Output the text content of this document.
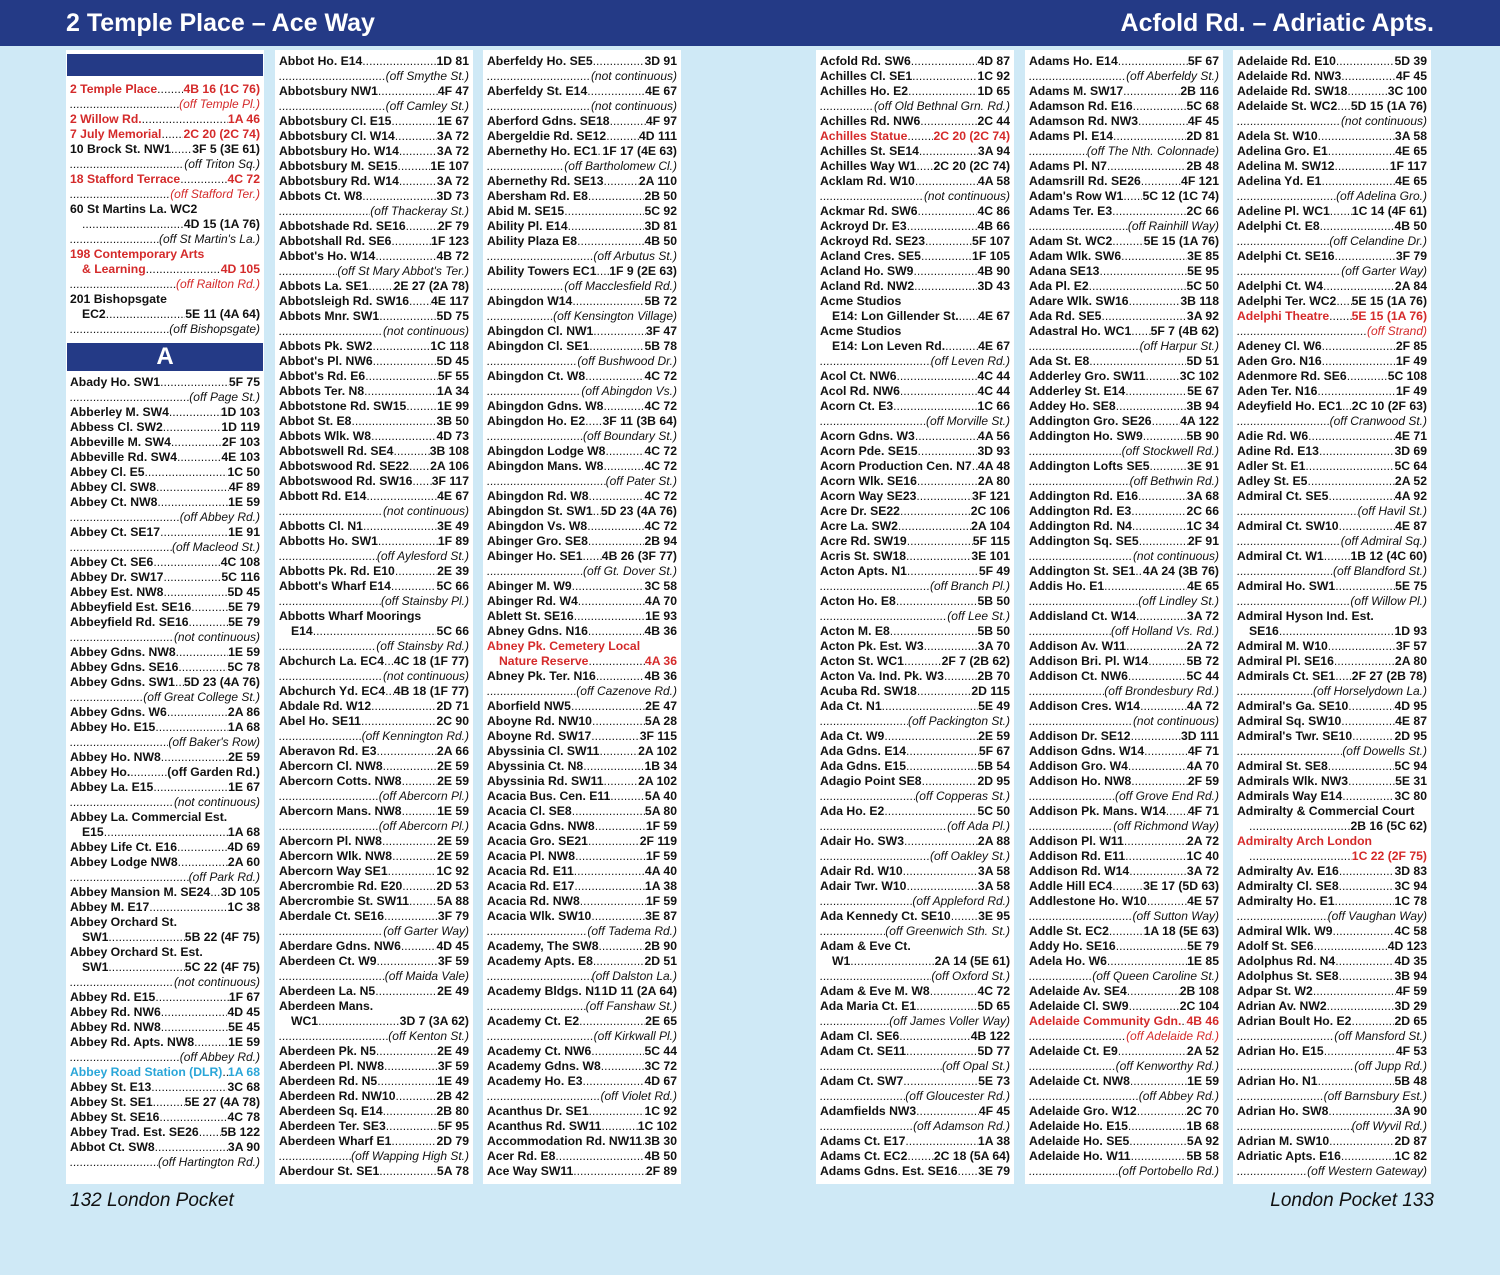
2 Temple Place – Ace Way
2 Temple Place ..... 4B 16 (1C 76)
.....
(off Temple Pl.)
2 Willow Rd. .....	1A 46
7 July Memorial ..... 2C 20 (2C 74)
10 Brock St. NW1 ..... 3F 5 (3E 61)
.....
(off Triton Sq.)
18 Stafford Terrace .....	4C 72
.....
(off Stafford Ter.)
60 St Martins La. WC2
.....
4D 15 (1A 76)
.....
(off St Martin's La.)
198 Contemporary Arts
& Learning .....	4D 105
.....
(off Railton Rd.)
201 Bishopsgate
EC2 .....	5E 11 (4A 64)
.....
(off Bishopsgate)
A
Abady Ho. SW1 .....	5F 75
.....
(off Page St.)
Abberley M. SW4 .....	1D 103
Abbess Cl. SW2 .....	1D 119
Abbeville M. SW4 .....	2F 103
Abbeville Rd. SW4 .....	4E 103
Abbey Cl. E5 .....	1C 50
Abbey Cl. SW8 .....	4F 89
Abbey Ct. NW8 .....	1E 59
.....
(off Abbey Rd.)
Abbey Ct. SE17 .....	1E 91
.....
(off Macleod St.)
Abbey Ct. SE6 .....	4C 108
Abbey Dr. SW17 .....	5C 116
Abbey Est. NW8 .....	5D 45
Abbeyfield Est. SE16 .....	5E 79
Abbeyfield Rd. SE16 .....	5E 79
.....
(not continuous)
Abbey Gdns. NW8 .....	1E 59
Abbey Gdns. SE16 .....	5C 78
Abbey Gdns. SW1 ..... 5D 23 (4A 76)
.....
(off Great College St.)
Abbey Gdns. W6 .....	2A 86
Abbey Ho. E15 .....	1A 68
.....
(off Baker's Row)
Abbey Ho. NW8 .....	2E 59
Abbey Ho. .....	(off Garden Rd.)
Abbey La. E15 .....	1E 67
.....
(not continuous)
Abbey La. Commercial Est.
E15 .....	1A 68
Abbey Life Ct. E16 .....	4D 69
Abbey Lodge NW8 .....	2A 60
.....
(off Park Rd.)
Abbey Mansion M. SE24 ..... 3D 105
Abbey M. E17 .....	1C 38
Abbey Orchard St.
SW1 .....	5B 22 (4F 75)
Abbey Orchard St. Est.
SW1 .....	5C 22 (4F 75)
.....
(not continuous)
Abbey Rd. E15 .....	1F 67
Abbey Rd. NW6 .....	4D 45
Abbey Rd. NW8 .....	5E 45
Abbey Rd. Apts. NW8 .....	1E 59
.....
(off Abbey Rd.)
Abbey Road Station (DLR) ..... 1A 68
Abbey St. E13 .....	3C 68
Abbey St. SE1 .....	5E 27 (4A 78)
Abbey St. SE16 .....	4C 78
Abbey Trad. Est. SE26 ..... 5B 122
Abbot Ct. SW8 .....	3A 90
.....
(off Hartington Rd.)
Abbot Ho. E14 .....	1D 81
.....
(off Smythe St.)
Abbotsbury NW1 .....	4F 47
.....
(off Camley St.)
Abbotsbury Cl. E15 .....	1E 67
Abbotsbury Cl. W14 .....	3A 72
Abbotsbury Ho. W14 .....	3A 72
Abbotsbury M. SE15 .....	1E 107
Abbotsbury Rd. W14 .....	3A 72
Abbots Ct. W8 .....	3D 73
.....
(off Thackeray St.)
Abbotshade Rd. SE16 .....	2F 79
Abbotshall Rd. SE6 .....	1F 123
Abbot's Ho. W14 .....	4B 72
.....
(off St Mary Abbot's Ter.)
Abbots La. SE1 ..... 2E 27 (2A 78)
Abbotsleigh Rd. SW16 ..... 4E 117
Abbots Mnr. SW1 .....	5D 75
.....
(not continuous)
Abbots Pk. SW2 .....	1C 118
Abbot's Pl. NW6 .....	5D 45
Abbot's Rd. E6 .....	5F 55
Abbots Ter. N8 .....	1A 34
Abbotstone Rd. SW15 .....	1E 99
Abbot St. E8 .....	3B 50
Abbots Wlk. W8 .....	4D 73
Abbotswell Rd. SE4 .....	3B 108
Abbotswood Rd. SE22 ..... 2A 106
Abbotswood Rd. SW16 ..... 3F 117
Abbott Rd. E14 .....	4E 67
.....
(not continuous)
Abbotts Cl. N1 .....	3E 49
Abbotts Ho. SW1 .....	1F 89
.....
(off Aylesford St.)
Abbotts Pk. Rd. E10 .....	2E 39
Abbott's Wharf E14 .....	5C 66
.....
(off Stainsby Pl.)
Abbotts Wharf Moorings
E14 .....	5C 66
.....
(off Stainsby Rd.)
Abchurch La. EC4 ..... 4C 18 (1F 77)
.....
(not continuous)
Abchurch Yd. EC4 ..... 4B 18 (1F 77)
Abdale Rd. W12 .....	2D 71
Abel Ho. SE11 .....	2C 90
.....
(off Kennington Rd.)
Aberavon Rd. E3 .....	2A 66
Abercorn Cl. NW8 .....	2E 59
Abercorn Cotts. NW8 .....	2E 59
.....
(off Abercorn Pl.)
Abercorn Mans. NW8 .....	1E 59
.....
(off Abercorn Pl.)
Abercorn Pl. NW8 .....	2E 59
Abercorn Wlk. NW8 .....	2E 59
Abercorn Way SE1 .....	1C 92
Abercrombie Rd. E20 .....	2D 53
Abercrombie St. SW11 ..... 5A 88
Aberdale Ct. SE16 .....	3F 79
.....
(off Garter Way)
Aberdare Gdns. NW6 .....	4D 45
Aberdeen Ct. W9 .....	3F 59
.....
(off Maida Vale)
Aberdeen La. N5 .....	2E 49
Aberdeen Mans.
WC1 .....	3D 7 (3A 62)
.....
(off Kenton St.)
Aberdeen Pk. N5 .....	2E 49
Aberdeen Pl. NW8 .....	3F 59
Aberdeen Rd. N5 .....	1E 49
Aberdeen Rd. NW10 .....	2B 42
Aberdeen Sq. E14 .....	2B 80
Aberdeen Ter. SE3 .....	5F 95
Aberdeen Wharf E1 .....	2D 79
.....
(off Wapping High St.)
Aberdour St. SE1 .....	5A 78
Aberfeldy Ho. SE5 .....	3D 91
.....
(not continuous)
Aberfeldy St. E14 .....	4E 67
.....
(not continuous)
Aberford Gdns. SE18 .....	4F 97
Abergeldie Rd. SE12 .....	4D 111
Abernethy Ho. EC1 ..... 1F 17 (4E 63)
.....
(off Bartholomew Cl.)
Abernethy Rd. SE13 .....	2A 110
Abersham Rd. E8 .....	2B 50
Abid M. SE15 .....	5C 92
Ability Pl. E14 .....	3D 81
Ability Plaza E8 .....	4B 50
.....
(off Arbutus St.)
Ability Towers EC1 ..... 1F 9 (2E 63)
.....
(off Macclesfield Rd.)
Abingdon W14 .....	5B 72
.....
(off Kensington Village)
Abingdon Cl. NW1 .....	3F 47
Abingdon Cl. SE1 .....	5B 78
.....
(off Bushwood Dr.)
Abingdon Ct. W8 .....	4C 72
.....
(off Abingdon Vs.)
Abingdon Gdns. W8 .....	4C 72
Abingdon Ho. E2 ..... 3F 11 (3B 64)
.....
(off Boundary St.)
Abingdon Lodge W8 .....	4C 72
Abingdon Mans. W8 .....	4C 72
.....
(off Pater St.)
Abingdon Rd. W8 .....	4C 72
Abingdon St. SW1 ..... 5D 23 (4A 76)
Abingdon Vs. W8 .....	4C 72
Abinger Gro. SE8 .....	2B 94
Abinger Ho. SE1 ..... 4B 26 (3F 77)
.....
(off Gt. Dover St.)
Abinger M. W9 .....	3C 58
Abinger Rd. W4 .....	4A 70
Ablett St. SE16 .....	1E 93
Abney Gdns. N16 .....	4B 36
Abney Pk. Cemetery Local
Nature Reserve .....	4A 36
Abney Pk. Ter. N16 .....	4B 36
.....
(off Cazenove Rd.)
Aborfield NW5 .....	2E 47
Aboyne Rd. NW10 .....	5A 28
Aboyne Rd. SW17 .....	3F 115
Abyssinia Cl. SW11 .....	2A 102
Abyssinia Ct. N8 .....	1B 34
Abyssinia Rd. SW11 .....	2A 102
Acacia Bus. Cen. E11 .....	5A 40
Acacia Cl. SE8 .....	5A 80
Acacia Gdns. NW8 .....	1F 59
Acacia Gro. SE21 .....	2F 119
Acacia Pl. NW8 .....	1F 59
Acacia Rd. E11 .....	4A 40
Acacia Rd. E17 .....	1A 38
Acacia Rd. NW8 .....	1F 59
Acacia Wlk. SW10 .....	3E 87
.....
(off Tadema Rd.)
Academy, The SW8 .....	2B 90
Academy Apts. E8 .....	2D 51
.....
(off Dalston La.)
Academy Bldgs. N1 ..... 1D 11 (2A 64)
.....
(off Fanshaw St.)
Academy Ct. E2 .....	2E 65
.....
(off Kirkwall Pl.)
Academy Ct. NW6 .....	5C 44
Academy Gdns. W8 .....	3C 72
Academy Ho. E3 .....	4D 67
.....
(off Violet Rd.)
Acanthus Dr. SE1 .....	1C 92
Acanthus Rd. SW11 .....	1C 102
Accommodation Rd. NW11 ..... 3B 30
Acer Rd. E8 .....	4B 50
Ace Way SW11 .....	2F 89
132 London Pocket
Acfold Rd. – Adriatic Apts.
Acfold Rd. SW6 .....	4D 87
Achilles Cl. SE1 .....	1C 92
Achilles Ho. E2 .....	1D 65
.....
(off Old Bethnal Grn. Rd.)
Achilles Rd. NW6 .....	2C 44
Achilles Statue ..... 2C 20 (2C 74)
Achilles St. SE14 .....	3A 94
Achilles Way W1 ..... 2C 20 (2C 74)
Acklam Rd. W10 .....	4A 58
.....
(not continuous)
Ackmar Rd. SW6 .....	4C 86
Ackroyd Dr. E3 .....	4B 66
Ackroyd Rd. SE23 .....	5F 107
Acland Cres. SE5 .....	1F 105
Acland Ho. SW9 .....	4B 90
Acland Rd. NW2 .....	3D 43
Acme Studios
E14: Lon Gillender St. ..... 4E 67
Acme Studios
E14: Lon Leven Rd. .....	4E 67
.....
(off Leven Rd.)
Acol Ct. NW6 .....	4C 44
Acol Rd. NW6 .....	4C 44
Acorn Ct. E3 .....	1C 66
.....
(off Morville St.)
Acorn Gdns. W3 .....	4A 56
Acorn Pde. SE15 .....	3D 93
Acorn Production Cen. N7 ..... 4A 48
Acorn Wlk. SE16 .....	2A 80
Acorn Way SE23 .....	3F 121
Acre Dr. SE22 .....	2C 106
Acre La. SW2 .....	2A 104
Acre Rd. SW19 .....	5F 115
Acris St. SW18 .....	3E 101
Acton Apts. N1 .....	5F 49
.....
(off Branch Pl.)
Acton Ho. E8 .....	5B 50
.....
(off Lee St.)
Acton M. E8 .....	5B 50
Acton Pk. Est. W3 .....	3A 70
Acton St. WC1 .....	2F 7 (2B 62)
Acton Va. Ind. Pk. W3 .....	2B 70
Acuba Rd. SW18 .....	2D 115
Ada Ct. N1 .....	5E 49
.....
(off Packington St.)
Ada Ct. W9 .....	2E 59
Ada Gdns. E14 .....	5F 67
Ada Gdns. E15 .....	5B 54
Adagio Point SE8 .....	2D 95
.....
(off Copperas St.)
Ada Ho. E2 .....	5C 50
.....
(off Ada Pl.)
Adair Ho. SW3 .....	2A 88
.....
(off Oakley St.)
Adair Rd. W10 .....	3A 58
Adair Twr. W10 .....	3A 58
.....
(off Appleford Rd.)
Ada Kennedy Ct. SE10 ..... 3E 95
.....
(off Greenwich Sth. St.)
Adam & Eve Ct.
W1 .....	2A 14 (5E 61)
.....
(off Oxford St.)
Adam & Eve M. W8 .....	4C 72
Ada Maria Ct. E1 .....	5D 65
.....
(off James Voller Way)
Adam Cl. SE6 .....	4B 122
Adam Ct. SE11 .....	5D 77
.....
(off Opal St.)
Adam Ct. SW7 .....	5E 73
.....
(off Gloucester Rd.)
Adamfields NW3 .....	4F 45
.....
(off Adamson Rd.)
Adams Ct. E17 .....	1A 38
Adams Ct. EC2 ..... 2C 18 (5A 64)
Adams Gdns. Est. SE16 ..... 3E 79
Adams Ho. E14 .....	5F 67
.....
(off Aberfeldy St.)
Adams M. SW17 .....	2B 116
Adamson Rd. E16 .....	5C 68
Adamson Rd. NW3 .....	4F 45
Adams Pl. E14 .....	2D 81
.....
(off The Nth. Colonnade)
Adams Pl. N7 .....	2B 48
Adamsrill Rd. SE26 .....	4F 121
Adam's Row W1 ..... 5C 12 (1C 74)
Adams Ter. E3 .....	2C 66
.....
(off Rainhill Way)
Adam St. WC2 .....	5E 15 (1A 76)
Adam Wlk. SW6 .....	3E 85
Adana SE13 .....	5E 95
Ada Pl. E2 .....	5C 50
Adare Wlk. SW16 .....	3B 118
Ada Rd. SE5 .....	3A 92
Adastral Ho. WC1 ..... 5F 7 (4B 62)
.....
(off Harpur St.)
Ada St. E8 .....	5D 51
Adderley Gro. SW11 .....	3C 102
Adderley St. E14 .....	5E 67
Addey Ho. SE8 .....	3B 94
Addington Gro. SE26 ..... 4A 122
Addington Ho. SW9 .....	5B 90
.....
(off Stockwell Rd.)
Addington Lofts SE5 .....	3E 91
.....
(off Bethwin Rd.)
Addington Rd. E16 .....	3A 68
Addington Rd. E3 .....	2C 66
Addington Rd. N4 .....	1C 34
Addington Sq. SE5 .....	2F 91
.....
(not continuous)
Addington St. SE1 ..... 4A 24 (3B 76)
Addis Ho. E1 .....	4E 65
.....
(off Lindley St.)
Addisland Ct. W14 .....	3A 72
.....
(off Holland Vs. Rd.)
Addison Av. W11 .....	2A 72
Addison Bri. Pl. W14 .....	5B 72
Addison Ct. NW6 .....	5C 44
.....
(off Brondesbury Rd.)
Addison Cres. W14 .....	4A 72
.....
(not continuous)
Addison Dr. SE12 .....	3D 111
Addison Gdns. W14 .....	4F 71
Addison Gro. W4 .....	4A 70
Addison Ho. NW8 .....	2F 59
.....
(off Grove End Rd.)
Addison Pk. Mans. W14 ..... 4F 71
.....
(off Richmond Way)
Addison Pl. W11 .....	2A 72
Addison Rd. E11 .....	1C 40
Addison Rd. W14 .....	3A 72
Addle Hill EC4 .....	3E 17 (5D 63)
Addlestone Ho. W10 .....	4E 57
.....
(off Sutton Way)
Addle St. EC2 .....	1A 18 (5E 63)
Addy Ho. SE16 .....	5E 79
Adela Ho. W6 .....	1E 85
.....
(off Queen Caroline St.)
Adelaide Av. SE4 .....	2B 108
Adelaide Cl. SW9 .....	2C 104
Adelaide Community Gdn. ..... 4B 46
.....
(off Adelaide Rd.)
Adelaide Ct. E9 .....	2A 52
.....
(off Kenworthy Rd.)
Adelaide Ct. NW8 .....	1E 59
.....
(off Abbey Rd.)
Adelaide Gro. W12 .....	2C 70
Adelaide Ho. E15 .....	1B 68
Adelaide Ho. SE5 .....	5A 92
Adelaide Ho. W11 .....	5B 58
.....
(off Portobello Rd.)
Adelaide Rd. E10 .....	5D 39
Adelaide Rd. NW3 .....	4F 45
Adelaide Rd. SW18 .....	3C 100
Adelaide St. WC2 ..... 5D 15 (1A 76)
.....
(not continuous)
Adela St. W10 .....	3A 58
Adelina Gro. E1 .....	4E 65
Adelina M. SW12 .....	1F 117
Adelina Yd. E1 .....	4E 65
.....
(off Adelina Gro.)
Adeline Pl. WC1 ..... 1C 14 (4F 61)
Adelphi Ct. E8 .....	4B 50
.....
(off Celandine Dr.)
Adelphi Ct. SE16 .....	3F 79
.....
(off Garter Way)
Adelphi Ct. W4 .....	2A 84
Adelphi Ter. WC2 ..... 5E 15 (1A 76)
Adelphi Theatre ..... 5E 15 (1A 76)
.....
(off Strand)
Adeney Cl. W6 .....	2F 85
Aden Gro. N16 .....	1F 49
Adenmore Rd. SE6 .....	5C 108
Aden Ter. N16 .....	1F 49
Adeyfield Ho. EC1 ..... 2C 10 (2F 63)
.....
(off Cranwood St.)
Adie Rd. W6 .....	4E 71
Adine Rd. E13 .....	3D 69
Adler St. E1 .....	5C 64
Adley St. E5 .....	2A 52
Admiral Ct. SE5 .....	4A 92
.....
(off Havil St.)
Admiral Ct. SW10 .....	4E 87
.....
(off Admiral Sq.)
Admiral Ct. W1 ..... 1B 12 (4C 60)
.....
(off Blandford St.)
Admiral Ho. SW1 .....	5E 75
.....
(off Willow Pl.)
Admiral Hyson Ind. Est.
SE16 .....	1D 93
Admiral M. W10 .....	3F 57
Admiral Pl. SE16 .....	2A 80
Admirals Ct. SE1 ..... 2F 27 (2B 78)
.....
(off Horselydown La.)
Admiral's Ga. SE10 .....	4D 95
Admiral Sq. SW10 .....	4E 87
Admiral's Twr. SE10 .....	2D 95
.....
(off Dowells St.)
Admiral St. SE8 .....	5C 94
Admirals Wlk. NW3 .....	5E 31
Admirals Way E14 .....	3C 80
Admiralty & Commercial Court
.....
2B 16 (5C 62)
Admiralty Arch London
.....
1C 22 (2F 75)
Admiralty Av. E16 .....	3D 83
Admiralty Cl. SE8 .....	3C 94
Admiralty Ho. E1 .....	1C 78
.....
(off Vaughan Way)
Admiral Wlk. W9 .....	4C 58
Adolf St. SE6 .....	4D 123
Adolphus Rd. N4 .....	4D 35
Adolphus St. SE8 .....	3B 94
Adpar St. W2 .....	4F 59
Adrian Av. NW2 .....	3D 29
Adrian Boult Ho. E2 .....	2D 65
.....
(off Mansford St.)
Adrian Ho. E15 .....	4F 53
.....
(off Jupp Rd.)
Adrian Ho. N1 .....	5B 48
.....
(off Barnsbury Est.)
Adrian Ho. SW8 .....	3A 90
.....
(off Wyvil Rd.)
Adrian M. SW10 .....	2D 87
Adriatic Apts. E16 .....	1C 82
.....
(off Western Gateway)
London Pocket 133
